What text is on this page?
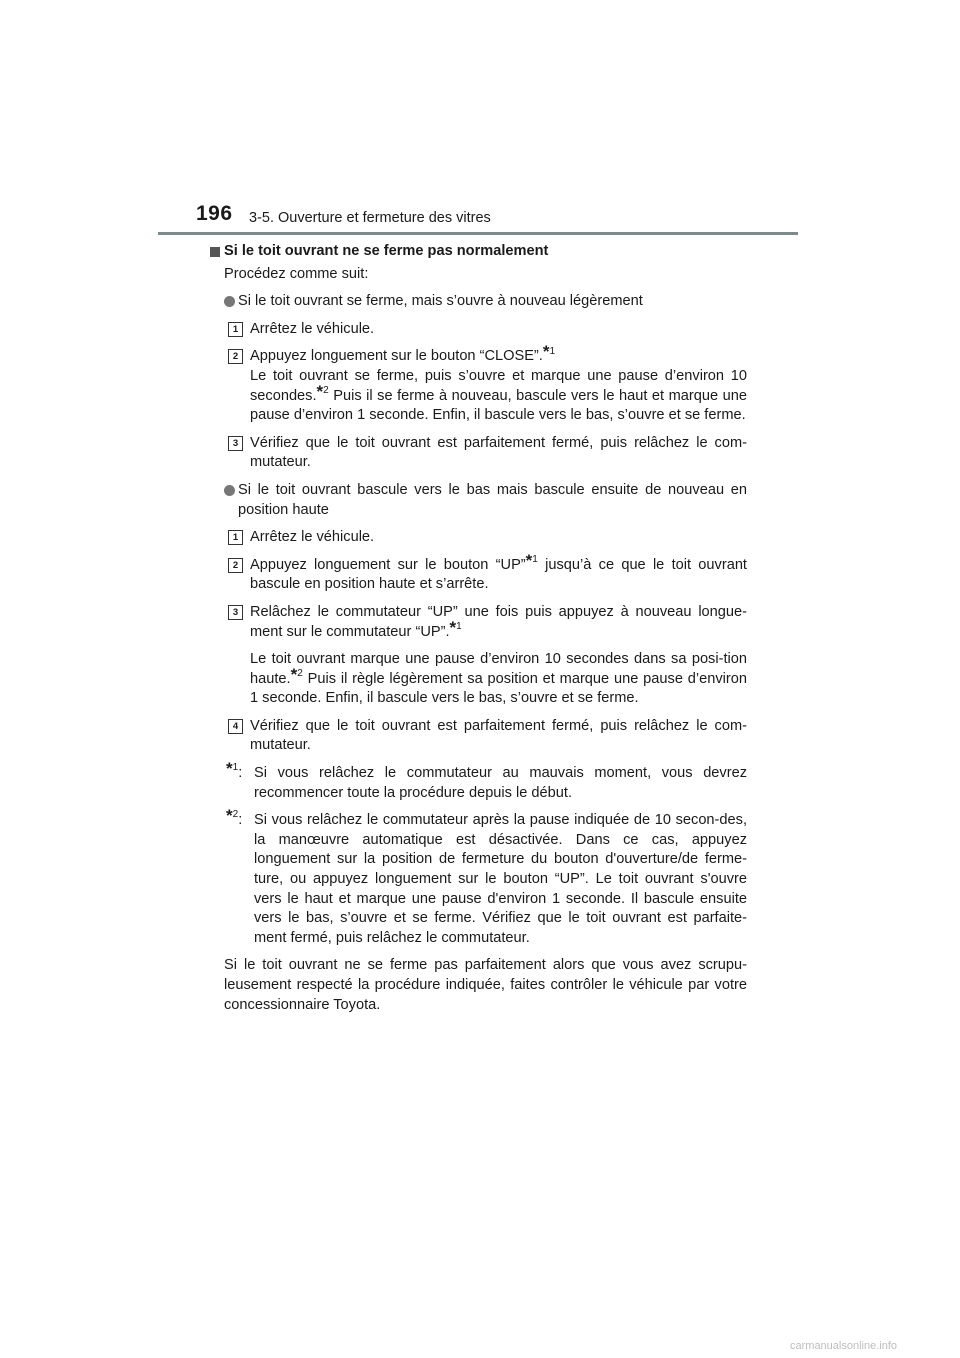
196 3-5. Ouverture et fermeture des vitres
Si le toit ouvrant ne se ferme pas normalement
Procédez comme suit:
Si le toit ouvrant se ferme, mais s’ouvre à nouveau légèrement
1 Arrêtez le véhicule.
2 Appuyez longuement sur le bouton “CLOSE”.*$^1$
Le toit ouvrant se ferme, puis s’ouvre et marque une pause d’environ 10 secondes.*$^2$ Puis il se ferme à nouveau, bascule vers le haut et marque une pause d’environ 1 seconde. Enfin, il bascule vers le bas, s’ouvre et se ferme.
3 Vérifiez que le toit ouvrant est parfaitement fermé, puis relâchez le com-mutateur.
Si le toit ouvrant bascule vers le bas mais bascule ensuite de nouveau en position haute
1 Arrêtez le véhicule.
2 Appuyez longuement sur le bouton “UP”*$^1$ jusqu’à ce que le toit ouvrant bascule en position haute et s’arrête.
3 Relâchez le commutateur “UP” une fois puis appuyez à nouveau longue-ment sur le commutateur “UP”.*$^1$

Le toit ouvrant marque une pause d’environ 10 secondes dans sa posi-tion haute.*$^2$ Puis il règle légèrement sa position et marque une pause d’environ 1 seconde. Enfin, il bascule vers le bas, s’ouvre et se ferme.

4 Vérifiez que le toit ouvrant est parfaitement fermé, puis relâchez le com-mutateur.
*$^1$: Si vous relâchez le commutateur au mauvais moment, vous devrez recommencer toute la procédure depuis le début.
*$^2$: Si vous relâchez le commutateur après la pause indiquée de 10 secon-des, la manœuvre automatique est désactivée. Dans ce cas, appuyez longuement sur la position de fermeture du bouton d'ouverture/de ferme-ture, ou appuyez longuement sur le bouton “UP”. Le toit ouvrant s'ouvre vers le haut et marque une pause d'environ 1 seconde. Il bascule ensuite vers le bas, s’ouvre et se ferme. Vérifiez que le toit ouvrant est parfaite-ment fermé, puis relâchez le commutateur.
Si le toit ouvrant ne se ferme pas parfaitement alors que vous avez scrupu-leusement respecté la procédure indiquée, faites contrôler le véhicule par votre concessionnaire Toyota.
carmanualsonline.info
